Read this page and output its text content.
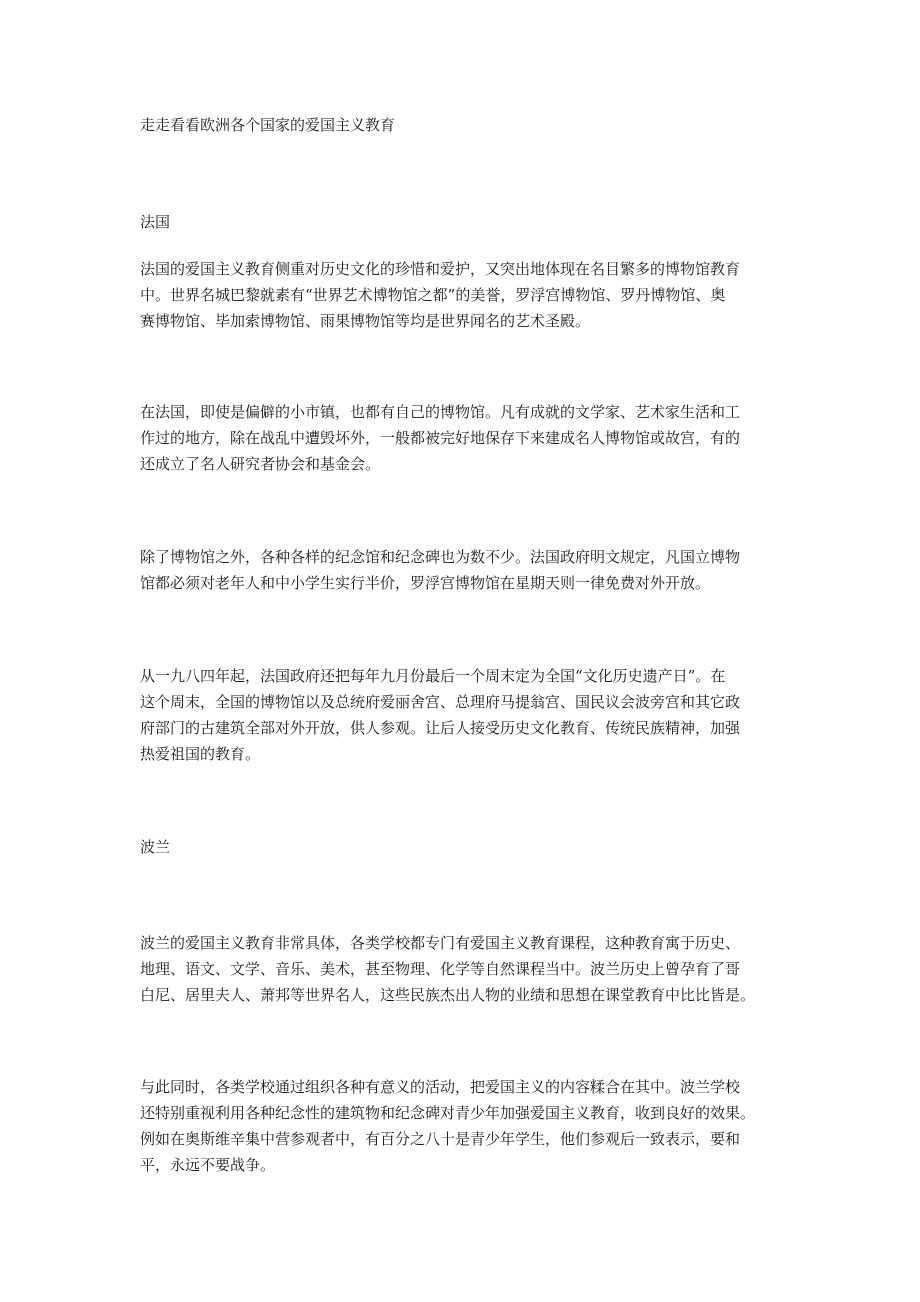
走走看看欧洲各个国家的爱国主义教育

法国

法国的爱国主义教育侧重对历史文化的珍惜和爱护，又突出地体现在名目繁多的博物馆教育
中。世界名城巴黎就素有“世界艺术博物馆之都”的美誉，罗浮宫博物馆、罗丹博物馆、奥
赛博物馆、毕加索博物馆、雨果博物馆等均是世界闻名的艺术圣殿。

在法国，即使是偏僻的小市镇，也都有自己的博物馆。凡有成就的文学家、艺术家生活和工
作过的地方，除在战乱中遭毁坏外，一般都被完好地保存下来建成名人博物馆或故宫，有的
还成立了名人研究者协会和基金会。

除了博物馆之外，各种各样的纪念馆和纪念碑也为数不少。法国政府明文规定，凡国立博物
馆都必须对老年人和中小学生实行半价，罗浮宫博物馆在星期天则一律免费对外开放。

从一九八四年起，法国政府还把每年九月份最后一个周末定为全国“文化历史遗产日”。在
这个周末，全国的博物馆以及总统府爱丽舍宫、总理府马提翁宫、国民议会波旁宫和其它政
府部门的古建筑全部对外开放，供人参观。让后人接受历史文化教育、传统民族精神，加强
热爱祖国的教育。

波兰

波兰的爱国主义教育非常具体，各类学校都专门有爱国主义教育课程，这种教育寓于历史、
地理、语文、文学、音乐、美术，甚至物理、化学等自然课程当中。波兰历史上曾孕育了哥
白尼、居里夫人、萧邦等世界名人，这些民族杰出人物的业绩和思想在课堂教育中比比皆是。

与此同时，各类学校通过组织各种有意义的活动，把爱国主义的内容糅合在其中。波兰学校
还特别重视利用各种纪念性的建筑物和纪念碑对青少年加强爱国主义教育，收到良好的效果。
例如在奥斯维辛集中营参观者中，有百分之八十是青少年学生，他们参观后一致表示，要和
平，永远不要战争。
